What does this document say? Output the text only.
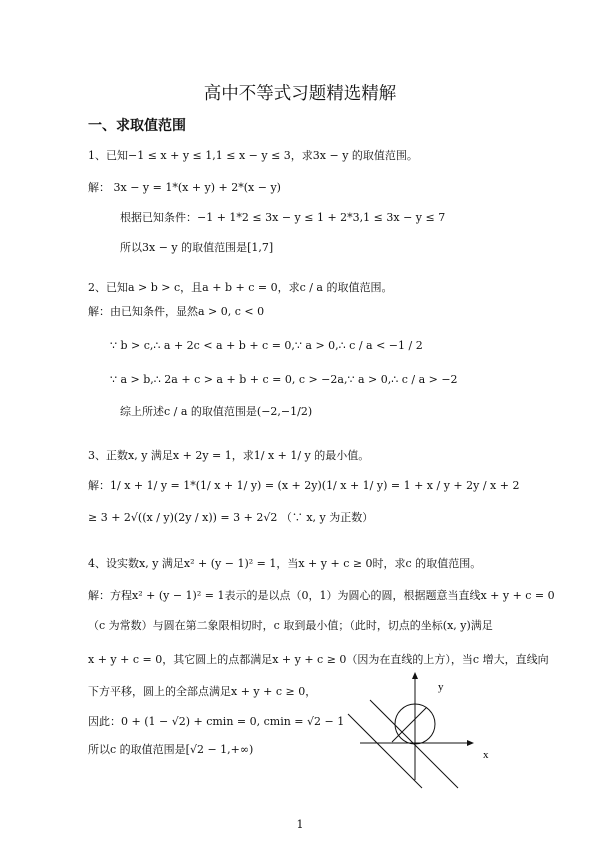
高中不等式习题精选精解
一、求取值范围
1、已知−1 ≤ x + y ≤ 1,1 ≤ x − y ≤ 3，求3x − y 的取值范围。
解： 3x − y = 1*(x + y) + 2*(x − y)
根据已知条件：−1 + 1*2 ≤ 3x − y ≤ 1 + 2*3,1 ≤ 3x − y ≤ 7
所以3x − y 的取值范围是[1,7]
2、已知a > b > c，且a + b + c = 0，求c / a 的取值范围。
解：由已知条件，显然a > 0, c < 0
∵ b > c,∴ a + 2c < a + b + c = 0,∵ a > 0,∴ c / a < −1 / 2
∵ a > b,∴ 2a + c > a + b + c = 0, c > −2a,∵ a > 0,∴ c / a > −2
综上所述c / a 的取值范围是(−2,−1/2)
3、正数x, y 满足x + 2y = 1，求1/ x + 1/ y 的最小值。
解：1/ x + 1/ y = 1*(1/ x + 1/ y) = (x + 2y)(1/ x + 1/ y) = 1 + x / y + 2y / x + 2
≥ 3 + 2√((x / y)(2y / x)) = 3 + 2√2 （∵ x, y 为正数）
4、设实数x, y 满足x² + (y − 1)² = 1，当x + y + c ≥ 0时，求c 的取值范围。
解：方程x² + (y − 1)² = 1表示的是以点（0，1）为圆心的圆，根据题意当直线x + y + c = 0
（c 为常数）与圆在第二象限相切时，c 取到最小值；（此时，切点的坐标(x, y)满足
x + y + c = 0，其它圆上的点都满足x + y + c ≥ 0（因为在直线的上方），当c 增大，直线向
下方平移，圆上的全部点满足x + y + c ≥ 0，
因此：0 + (1 − √2) + cmin = 0, cmin = √2 − 1
所以c 的取值范围是[√2 − 1,+∞)
y
x
1
